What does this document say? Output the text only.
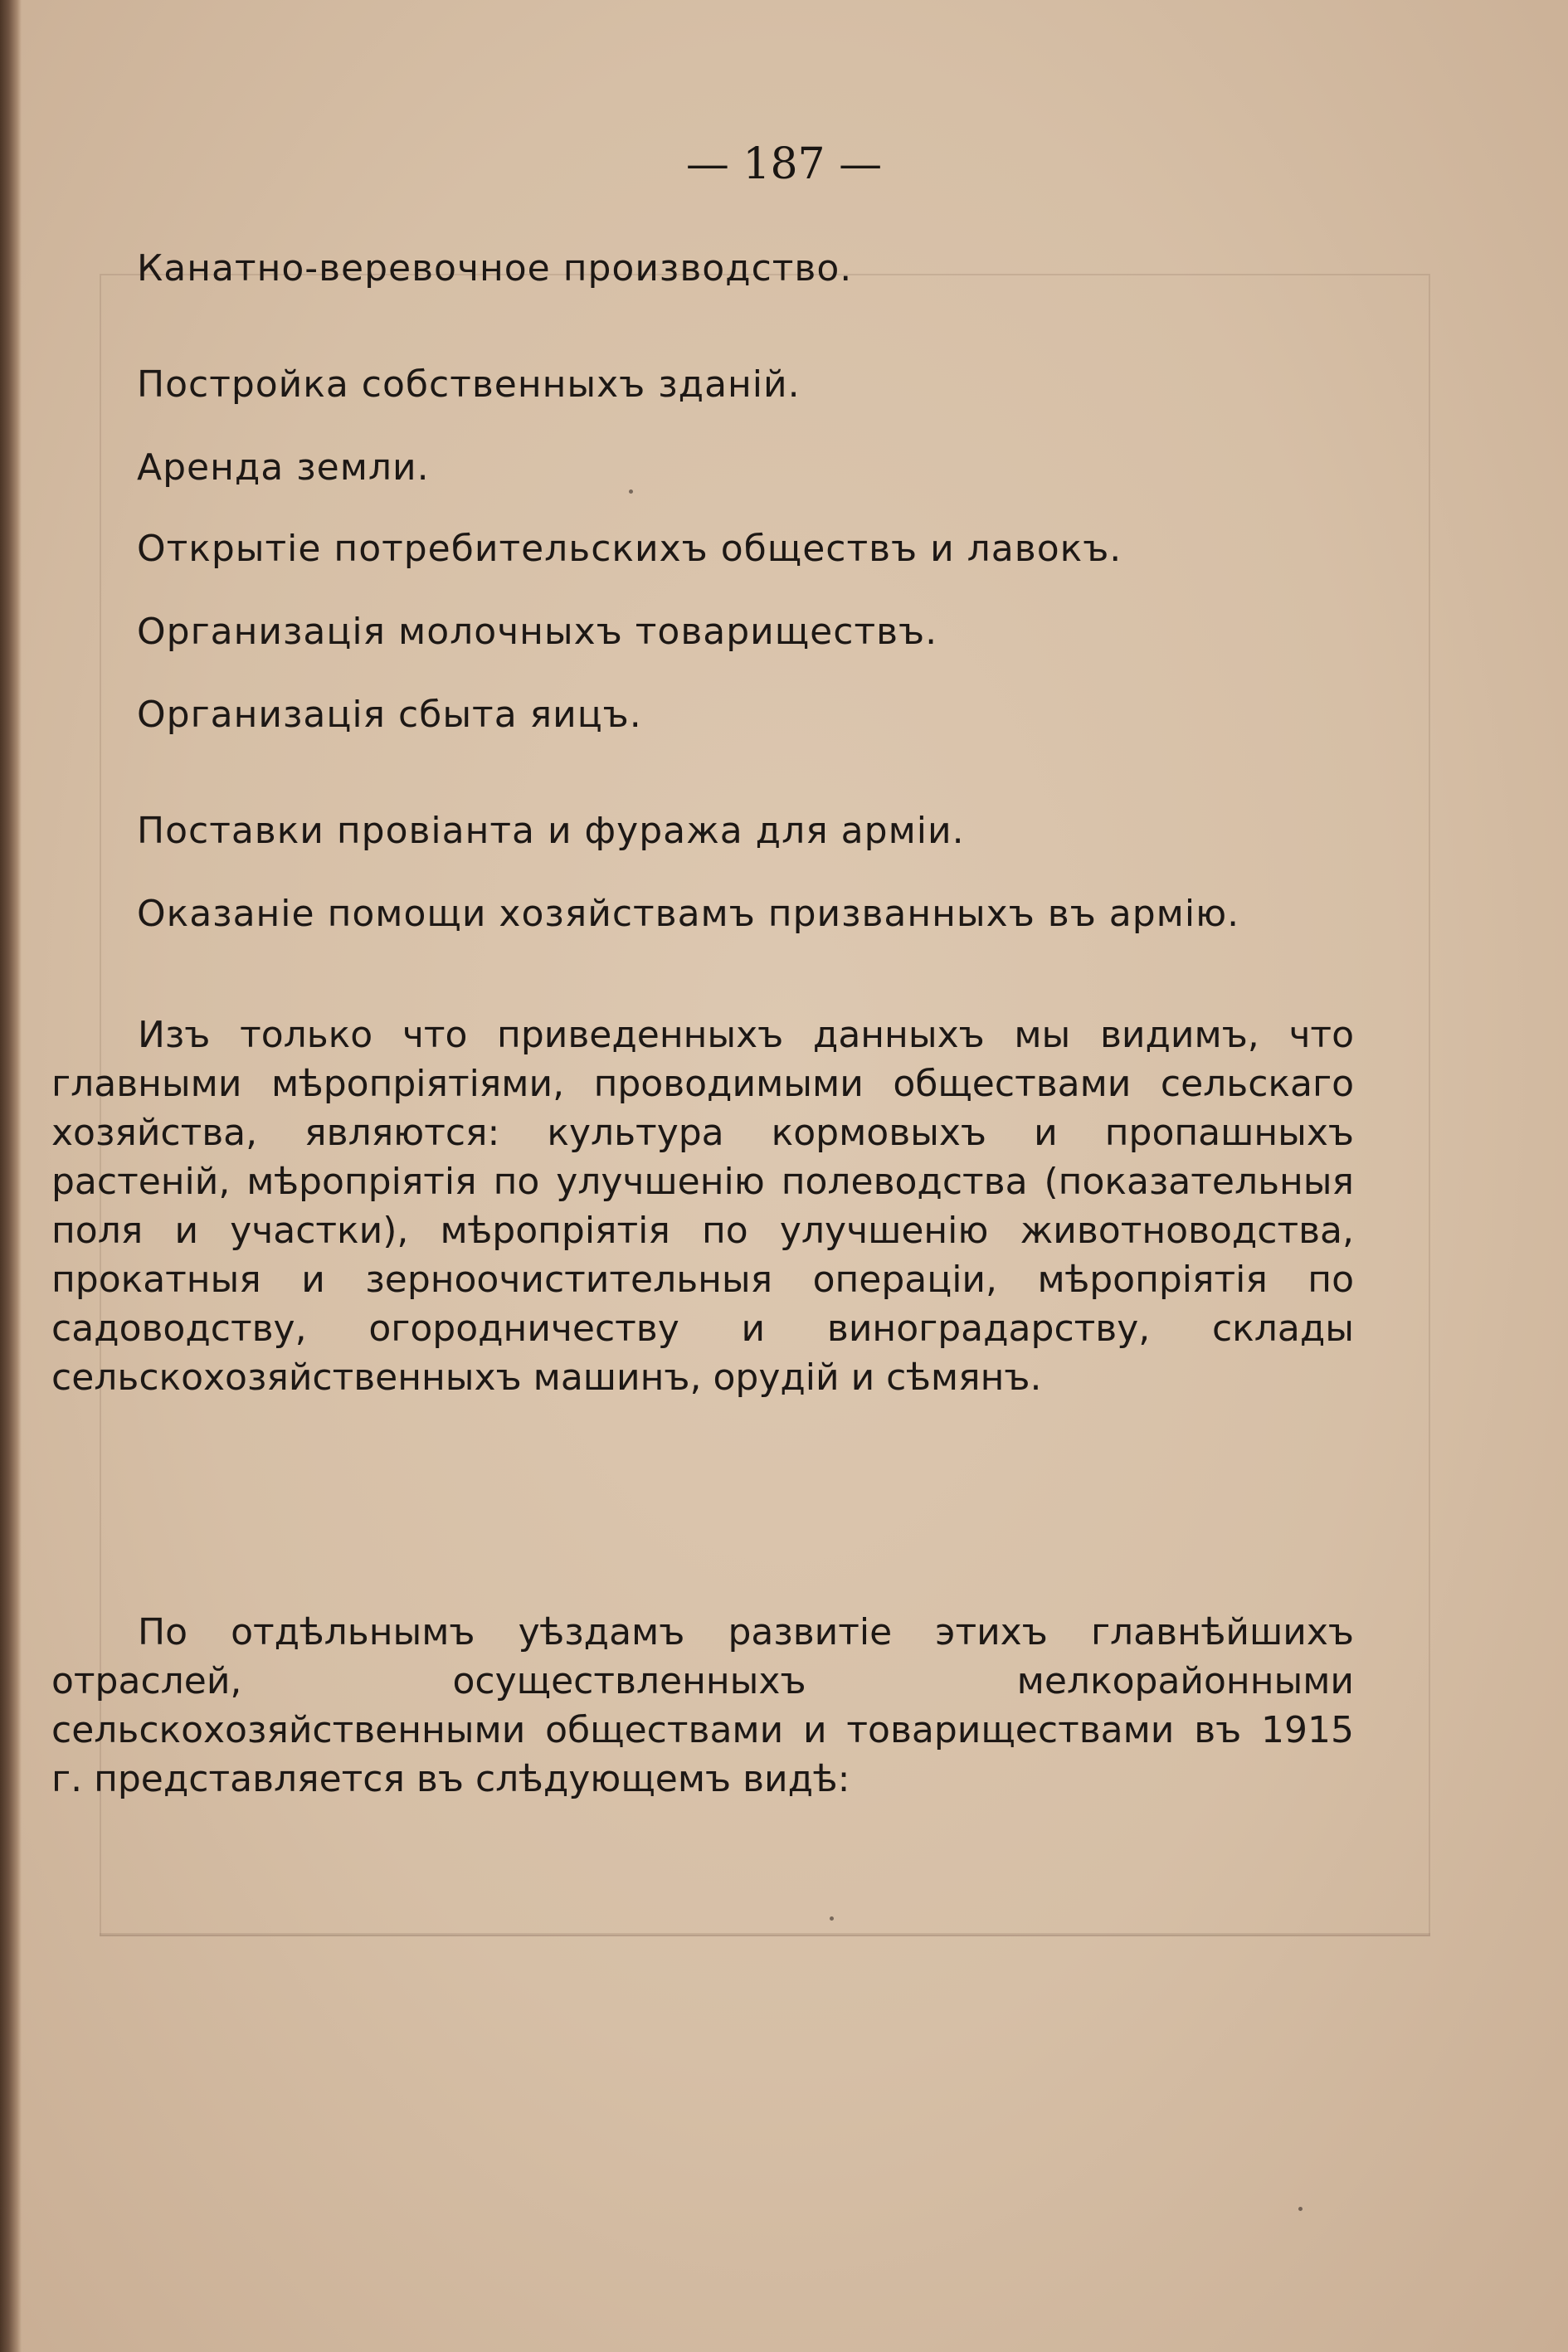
— 187 —
Канатно-веревочное производство.
Постройка собственныхъ зданій.
Аренда земли.
Открытіе потребительскихъ обществъ и лавокъ.
Организація молочныхъ товариществъ.
Организація сбыта яицъ.
Поставки провіанта и фуража для арміи.
Оказаніе помощи хозяйствамъ призванныхъ въ армію.
Изъ только что приведенныхъ данныхъ мы видимъ, что главными мѣропріятіями, проводимыми обществами сельскаго хозяйства, являются: культура кормовыхъ и пропашныхъ растеній, мѣропріятія по улучшенію полеводства (показательныя поля и участки), мѣропріятія по улучшенію животноводства, прокатныя и зерноочистительныя операціи, мѣропріятія по садоводству, огородничеству и виноградарству, склады сельскохозяйственныхъ машинъ, орудій и сѣмянъ.
По отдѣльнымъ уѣздамъ развитіе этихъ главнѣйшихъ отраслей, осуществленныхъ мелкорайонными сельскохозяйственными обществами и товариществами въ 1915 г. представляется въ слѣдующемъ видѣ:
